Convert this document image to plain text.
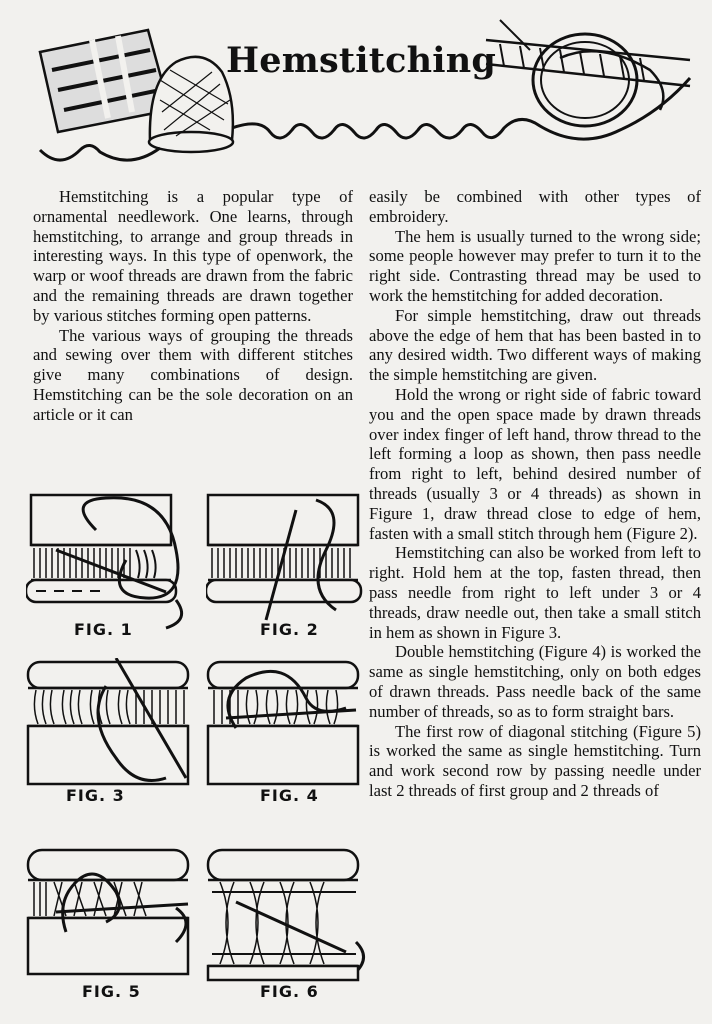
Hemstitching

Hemstitching is a popular type of ornamental needlework. One learns, through hemstitching, to arrange and group threads in interesting ways. In this type of openwork, the warp or woof threads are drawn from the fabric and the remaining threads are drawn together by various stitches forming open patterns.

The various ways of grouping the threads and sewing over them with different stitches give many combinations of design. Hemstitching can be the sole decoration on an article or it can

easily be combined with other types of embroidery.

The hem is usually turned to the wrong side; some people however may prefer to turn it to the right side. Contrasting thread may be used to work the hemstitching for added decoration.

For simple hemstitching, draw out threads above the edge of hem that has been basted in to any desired width. Two different ways of making the simple hemstitching are given.

Hold the wrong or right side of fabric toward you and the open space made by drawn threads over index finger of left hand, throw thread to the left forming a loop as shown, then pass needle from right to left, behind desired number of threads (usually 3 or 4 threads) as shown in Figure 1, draw thread close to edge of hem, fasten with a small stitch through hem (Figure 2).

Hemstitching can also be worked from left to right. Hold hem at the top, fasten thread, then pass needle from right to left under 3 or 4 threads, draw needle out, then take a small stitch in hem as shown in Figure 3.

Double hemstitching (Figure 4) is worked the same as single hemstitching, only on both edges of drawn threads. Pass needle back of the same number of threads, so as to form straight bars.

The first row of diagonal stitching (Figure 5) is worked the same as single hemstitching. Turn and work second row by passing needle under last 2 threads of first group and 2 threads of

FIG. 1	FIG. 2
FIG. 3	FIG. 4
FIG. 5	FIG. 6
